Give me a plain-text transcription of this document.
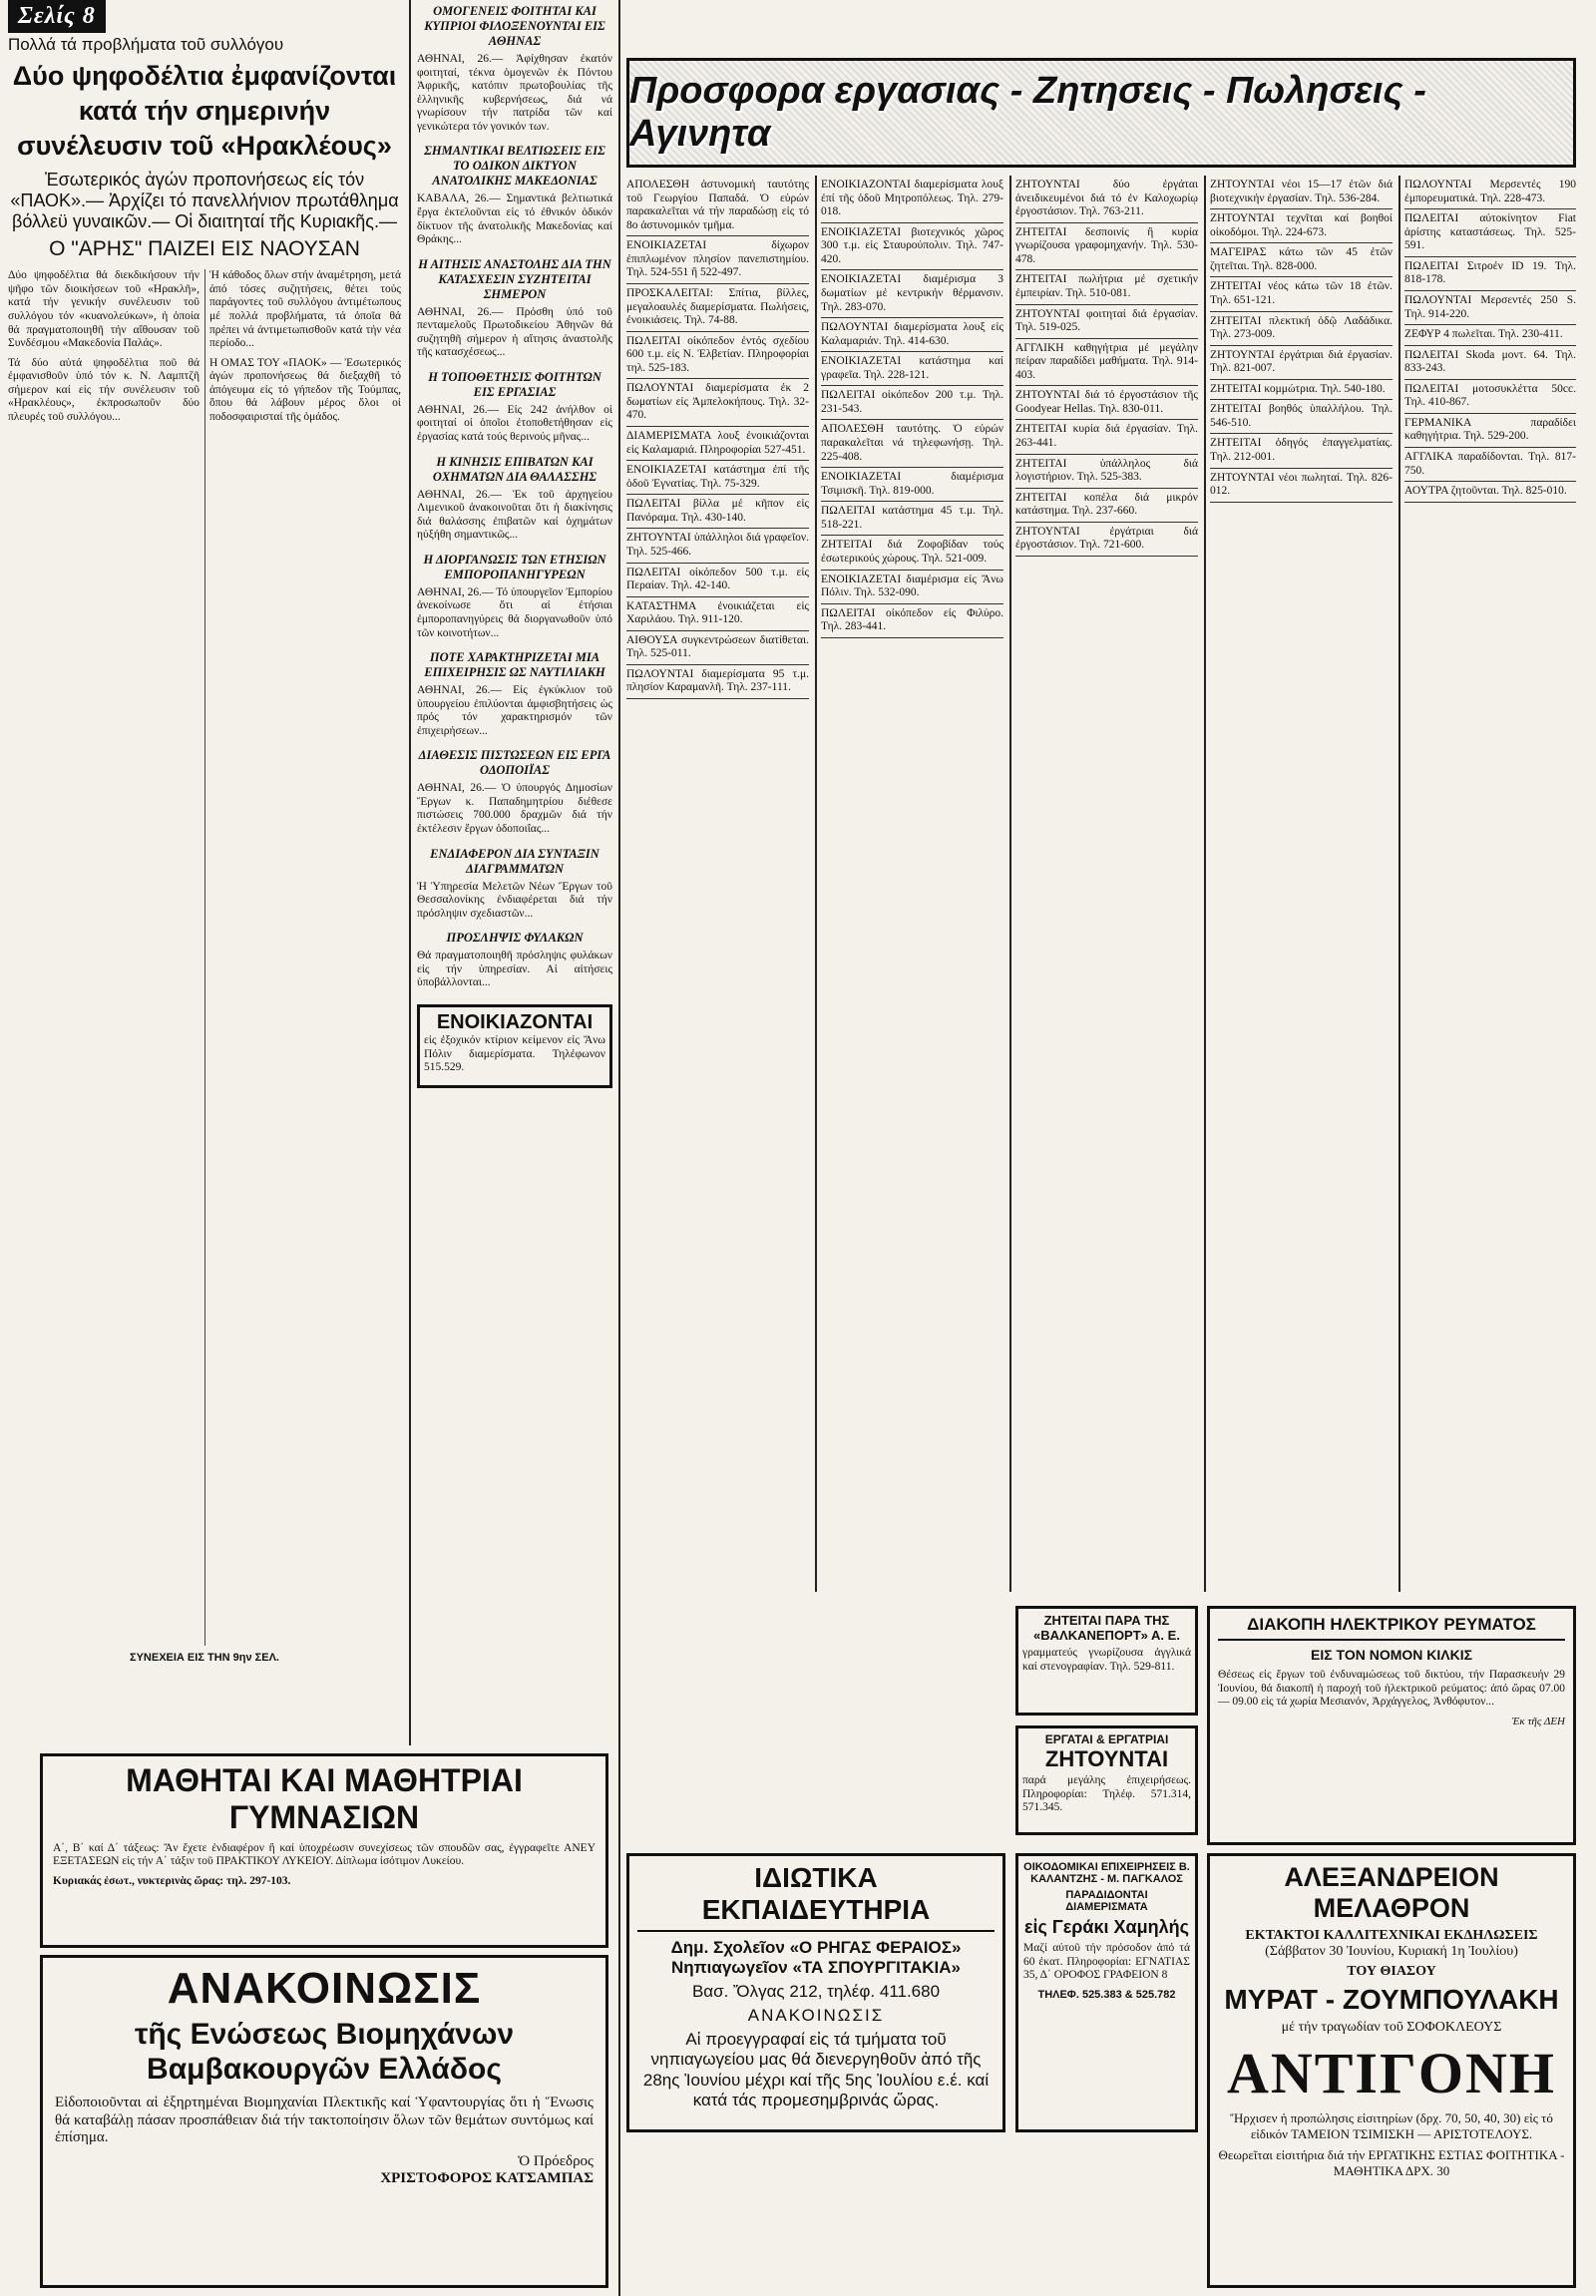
Σελίς 8
Πολλά τά προβλήματα τοῦ συλλόγου
Δύο ψηφοδέλτια ἐμφανίζονται κατά τήν σημερινήν συνέλευσιν τοῦ «Ηρακλέους»
Ἐσωτερικός ἀγών προπονήσεως είς τόν «ΠΑΟΚ».— Ἀρχίζει τό πανελλήνιον πρωτάθλημα βόλλεϋ γυναικῶν.— Οἱ διαιτηταί τῆς Κυριακῆς.—
Ο "ΑΡΗΣ" ΠΑΙΖΕΙ ΕΙΣ ΝΑΟΥΣΑΝ

Δύο ψηφοδέλτια θά διεκδικήσουν τήν ψῆφο τῶν διοικήσεων τοῦ «Ηρακλῆ», κατά τήν γενικήν συνέλευσιν τοῦ συλλόγου τόν «κυανολεύκων», ἡ ὁποία θά πραγματοποιηθῆ τήν αἴθουσαν τοῦ Συνδέσμου «Μακεδονία Παλάς».

Τά δύο αὐτά ψηφοδέλτια ποῦ θά ἐμφανισθοῦν ὑπό τόν κ. Ν. Λαμπτζῆ σήμερον καί εἰς τήν συνέλευσιν τοῦ «Ηρακλέους», ἐκπροσωποῦν δύο πλευρές τοῦ συλλόγου...

Ἡ κάθοδος ὅλων στήν ἀναμέτρηση, μετά ἀπό τόσες συζητήσεις, θέτει τούς παράγοντες τοῦ συλλόγου ἀντιμέτωπους μέ πολλά προβλήματα, τά ὁποῖα θά πρέπει νά ἀντιμετωπισθοῦν κατά τήν νέα περίοδο...

Η ΟΜΑΣ ΤΟΥ «ΠΑΟΚ» — Ἐσωτερικός ἀγών προπονήσεως θά διεξαχθῆ τό ἀπόγευμα εἰς τό γήπεδον τῆς Τούμπας, ὅπου θά λάβουν μέρος ὅλοι οἱ ποδοσφαιρισταί τῆς ὁμάδος.

ΣΥΝΕΧΕΙΑ ΕΙΣ ΤΗΝ 9ην ΣΕΛ.
ΟΜΟΓΕΝΕΙΣ ΦΟΙΤΗΤΑΙ ΚΑΙ ΚΥΠΡΙΟΙ ΦΙΛΟΞΕΝΟΥΝΤΑΙ ΕΙΣ ΑΘΗΝΑΣ

ΑΘΗΝΑΙ, 26.— Ἀφίχθησαν ἐκατόν φοιτηταί, τέκνα ὁμογενῶν ἐκ Πόντου Ἀφρικῆς, κατόπιν πρωτοβουλίας τῆς ἑλληνικῆς κυβερνήσεως, διά νά γνωρίσουν τήν πατρίδα τῶν καί γενικώτερα τόν γονικόν των.

ΣΗΜΑΝΤΙΚΑΙ ΒΕΛΤΙΩΣΕΙΣ ΕΙΣ ΤΟ ΟΔΙΚΟΝ ΔΙΚΤΥΟΝ ΑΝΑΤΟΛΙΚΗΣ ΜΑΚΕΔΟΝΙΑΣ

ΚΑΒΑΛΑ, 26.— Σημαντικά βελτιωτικά ἔργα ἐκτελοῦνται εἰς τό ἐθνικόν ὁδικόν δίκτυον τῆς ἀνατολικῆς Μακεδονίας καί Θράκης...

Η ΑΙΤΗΣΙΣ ΑΝΑΣΤΟΛΗΣ ΔΙΑ ΤΗΝ ΚΑΤΑΣΧΕΣΙΝ ΣΥΖΗΤΕΙΤΑΙ ΣΗΜΕΡΟΝ

ΑΘΗΝΑΙ, 26.— Πρόσθη ὑπό τοῦ πενταμελοῦς Πρωτοδικείου Ἀθηνῶν θά συζητηθῆ σήμερον ἡ αἴτησις ἀναστολῆς τῆς κατασχέσεως...

Η ΤΟΠΟΘΕΤΗΣΙΣ ΦΟΙΤΗΤΩΝ ΕΙΣ ΕΡΓΑΣΙΑΣ

ΑΘΗΝΑΙ, 26.— Εἰς 242 ἀνήλθον οἱ φοιτηταί οἱ ὁποῖοι ἐτοποθετήθησαν εἰς ἐργασίας κατά τούς θερινούς μῆνας...

Η ΚΙΝΗΣΙΣ ΕΠΙΒΑΤΩΝ ΚΑΙ ΟΧΗΜΑΤΩΝ ΔΙΑ ΘΑΛΑΣΣΗΣ

ΑΘΗΝΑΙ, 26.— Ἐκ τοῦ ἀρχηγείου Λιμενικοῦ ἀνακοινοῦται ὅτι ἡ διακίνησις διά θαλάσσης ἐπιβατῶν καί ὀχημάτων ηὐξήθη σημαντικῶς...

Η ΔΙΟΡΓΑΝΩΣΙΣ ΤΩΝ ΕΤΗΣΙΩΝ ΕΜΠΟΡΟΠΑΝΗΓΥΡΕΩΝ

ΑΘΗΝΑΙ, 26.— Τό ὑπουργεῖον Ἐμπορίου ἀνεκοίνωσε ὅτι αἱ ἐτήσιαι ἐμποροπανηγύρεις θά διοργανωθοῦν ὑπό τῶν κοινοτήτων...

ΠΟΤΕ ΧΑΡΑΚΤΗΡΙΖΕΤΑΙ ΜΙΑ ΕΠΙΧΕΙΡΗΣΙΣ ΩΣ ΝΑΥΤΙΛΙΑΚΗ

ΑΘΗΝΑΙ, 26.— Εἰς ἐγκύκλιον τοῦ ὑπουργείου ἐπιλύονται ἀμφισβητήσεις ὡς πρός τόν χαρακτηρισμόν τῶν ἐπιχειρήσεων...

ΔΙΑΘΕΣΙΣ ΠΙΣΤΩΣΕΩΝ ΕΙΣ ΕΡΓΑ ΟΔΟΠΟΙΪΑΣ

ΑΘΗΝΑΙ, 26.— Ὁ ὑπουργός Δημοσίων Ἔργων κ. Παπαδημητρίου διέθεσε πιστώσεις 700.000 δραχμῶν διά τήν ἐκτέλεσιν ἔργων ὁδοποιΐας...

ΕΝΔΙΑΦΕΡΟΝ ΔΙΑ ΣΥΝΤΑΞΙΝ ΔΙΑΓΡΑΜΜΑΤΩΝ

Ἡ Ὑπηρεσία Μελετῶν Νέων Ἔργων τοῦ Θεσσαλονίκης ἐνδιαφέρεται διά τήν πρόσληψιν σχεδιαστῶν...

ΠΡΟΣΛΗΨΙΣ ΦΥΛΑΚΩΝ

Θά πραγματοποιηθῆ πρόσληψις φυλάκων εἰς τήν ὑπηρεσίαν. Αἱ αἰτήσεις ὑποβάλλονται...

ΕΝΟΙΚΙΑΖΟΝΤΑΙ

εἰς ἐξοχικόν κτίριον κείμενον εἰς Ἄνω Πόλιν διαμερίσματα. Τηλέφωνον 515.529.

Προσφορα εργασιας - Ζητησεις - Πωλησεις - Αγινητα

ΑΠΟΛΕΣΘΗ ἀστυνομική ταυτότης τοῦ Γεωργίου Παπαδά. Ὁ εὑρών παρακαλεῖται νά τήν παραδώσῃ εἰς τό 8ο ἀστυνομικόν τμῆμα.

ΕΝΟΙΚΙΑΖΕΤΑΙ δίχωρον ἐπιπλωμένον πλησίον πανεπιστημίου. Τηλ. 524-551 ἢ 522-497.

ΠΡΟΣΚΑΛΕΙΤΑΙ: Σπίτια, βίλλες, μεγαλοαυλές διαμερίσματα. Πωλήσεις, ἐνοικιάσεις. Τηλ. 74-88.

ΠΩΛΕΙΤΑΙ οἰκόπεδον ἐντός σχεδίου 600 τ.μ. εἰς Ν. Ἐλβετίαν. Πληροφορίαι τηλ. 525-183.

ΠΩΛΟΥΝΤΑΙ διαμερίσματα ἐκ 2 δωματίων εἰς Ἀμπελοκήπους. Τηλ. 32-470.

ΔΙΑΜΕΡΙΣΜΑΤΑ λουξ ἐνοικιάζονται εἰς Καλαμαριά. Πληροφορίαι 527-451.

ΕΝΟΙΚΙΑΖΕΤΑΙ κατάστημα ἐπί τῆς ὁδοῦ Ἐγνατίας. Τηλ. 75-329.

ΠΩΛΕΙΤΑΙ βίλλα μέ κῆπον εἰς Πανόραμα. Τηλ. 430-140.

ΖΗΤΟΥΝΤΑΙ ὑπάλληλοι διά γραφεῖον. Τηλ. 525-466.

ΠΩΛΕΙΤΑΙ οἰκόπεδον 500 τ.μ. εἰς Περαίαν. Τηλ. 42-140.

ΚΑΤΑΣΤΗΜΑ ἐνοικιάζεται εἰς Χαριλάου. Τηλ. 911-120.

ΑΙΘΟΥΣΑ συγκεντρώσεων διατίθεται. Τηλ. 525-011.

ΠΩΛΟΥΝΤΑΙ διαμερίσματα 95 τ.μ. πλησίον Καραμανλῆ. Τηλ. 237-111.

ΕΝΟΙΚΙΑΖΟΝΤΑΙ διαμερίσματα λουξ ἐπί τῆς ὁδοῦ Μητροπόλεως. Τηλ. 279-018.

ΕΝΟΙΚΙΑΖΕΤΑΙ βιοτεχνικός χῶρος 300 τ.μ. εἰς Σταυρούπολιν. Τηλ. 747-420.

ΕΝΟΙΚΙΑΖΕΤΑΙ διαμέρισμα 3 δωματίων μέ κεντρικήν θέρμανσιν. Τηλ. 283-070.

ΠΩΛΟΥΝΤΑΙ διαμερίσματα λουξ εἰς Καλαμαριάν. Τηλ. 414-630.

ΕΝΟΙΚΙΑΖΕΤΑΙ κατάστημα καί γραφεῖα. Τηλ. 228-121.

ΠΩΛΕΙΤΑΙ οἰκόπεδον 200 τ.μ. Τηλ. 231-543.

ΑΠΟΛΕΣΘΗ ταυτότης. Ὁ εὑρών παρακαλεῖται νά τηλεφωνήσῃ. Τηλ. 225-408.

ΕΝΟΙΚΙΑΖΕΤΑΙ διαμέρισμα Τσιμισκῆ. Τηλ. 819-000.

ΠΩΛΕΙΤΑΙ κατάστημα 45 τ.μ. Τηλ. 518-221.

ΖΗΤΕΙΤΑΙ διά Ζοφοβίδαν τούς ἐσωτερικούς χώρους. Τηλ. 521-009.

ΕΝΟΙΚΙΑΖΕΤΑΙ διαμέρισμα εἰς Ἄνω Πόλιν. Τηλ. 532-090.

ΠΩΛΕΙΤΑΙ οἰκόπεδον εἰς Φιλύρο. Τηλ. 283-441.

ΖΗΤΟΥΝΤΑΙ δύο ἐργάται ἀνειδικευμένοι διά τό ἐν Καλοχωρίῳ ἐργοστάσιον. Τηλ. 763-211.

ΖΗΤΕΙΤΑΙ δεσποινίς ἢ κυρία γνωρίζουσα γραφομηχανήν. Τηλ. 530-478.

ΖΗΤΕΙΤΑΙ πωλήτρια μέ σχετικήν ἐμπειρίαν. Τηλ. 510-081.

ΖΗΤΟΥΝΤΑΙ φοιτηταί διά ἐργασίαν. Τηλ. 519-025.

ΑΓΓΛΙΚΗ καθηγήτρια μέ μεγάλην πείραν παραδίδει μαθήματα. Τηλ. 914-403.

ΖΗΤΟΥΝΤΑΙ διά τό ἐργοστάσιον τῆς Goodyear Hellas. Τηλ. 830-011.

ΖΗΤΕΙΤΑΙ κυρία διά ἐργασίαν. Τηλ. 263-441.

ΖΗΤΕΙΤΑΙ ὑπάλληλος διά λογιστήριον. Τηλ. 525-383.

ΖΗΤΕΙΤΑΙ κοπέλα διά μικρόν κατάστημα. Τηλ. 237-660.

ΖΗΤΟΥΝΤΑΙ ἐργάτριαι διά ἐργοστάσιον. Τηλ. 721-600.

ΖΗΤΟΥΝΤΑΙ νέοι 15—17 ἐτῶν διά βιοτεχνικήν ἐργασίαν. Τηλ. 536-284.

ΖΗΤΟΥΝΤΑΙ τεχνῖται καί βοηθοί οἰκοδόμοι. Τηλ. 224-673.

ΜΑΓΕΙΡΑΣ κάτω τῶν 45 ἐτῶν ζητεῖται. Τηλ. 828-000.

ΖΗΤΕΙΤΑΙ νέος κάτω τῶν 18 ἐτῶν. Τηλ. 651-121.

ΖΗΤΕΙΤΑΙ πλεκτική ὁδῷ Λαδάδικα. Τηλ. 273-009.

ΖΗΤΟΥΝΤΑΙ ἐργάτριαι διά ἐργασίαν. Τηλ. 821-007.

ΖΗΤΕΙΤΑΙ κομμώτρια. Τηλ. 540-180.

ΖΗΤΕΙΤΑΙ βοηθός ὑπαλλήλου. Τηλ. 546-510.

ΖΗΤΕΙΤΑΙ ὁδηγός ἐπαγγελματίας. Τηλ. 212-001.

ΖΗΤΟΥΝΤΑΙ νέοι πωληταί. Τηλ. 826-012.

ΠΩΛΟΥΝΤΑΙ Μερσεντές 190 ἐμπορευματικά. Τηλ. 228-473.

ΠΩΛΕΙΤΑΙ αὐτοκίνητον Fiat ἀρίστης καταστάσεως. Τηλ. 525-591.

ΠΩΛΕΙΤΑΙ Σιτροέν ID 19. Τηλ. 818-178.

ΠΩΛΟΥΝΤΑΙ Μερσεντές 250 S. Τηλ. 914-220.

ΖΕΦΥΡ 4 πωλεῖται. Τηλ. 230-411.

ΠΩΛΕΙΤΑΙ Skoda μοντ. 64. Τηλ. 833-243.

ΠΩΛΕΙΤΑΙ μοτοσυκλέττα 50cc. Τηλ. 410-867.

ΓΕΡΜΑΝΙΚΑ παραδίδει καθηγήτρια. Τηλ. 529-200.

ΑΓΓΛΙΚΑ παραδίδονται. Τηλ. 817-750.

ΑΟΥΤΡΑ ζητοῦνται. Τηλ. 825-010.

ΜΑΘΗΤΑΙ ΚΑΙ ΜΑΘΗΤΡΙΑΙ ΓΥΜΝΑΣΙΩΝ

Α΄, Β΄ καί Δ΄ τάξεως: Ἄν ἔχετε ἐνδιαφέρον ἢ καί ὑποχρέωσιν συνεχίσεως τῶν σπουδῶν σας, ἐγγραφεῖτε ΑΝΕΥ ΕΞΕΤΑΣΕΩΝ εἰς τήν Α΄ τάξιν τοῦ ΠΡΑΚΤΙΚΟΥ ΛΥΚΕΙΟΥ. Δίπλωμα ἰσότιμον Λυκείου.

Κυριακάς ἐσωτ., νυκτερινὰς ὥρας: τηλ. 297-103.

ΑΝΑΚΟΙΝΩΣΙΣ
τῆς Ενώσεως Βιομηχάνων Βαμβακουργῶν Ελλάδος

Εἰδοποιοῦνται αἱ ἐξηρτημέναι Βιομηχανίαι Πλεκτικῆς καί Ὑφαντουργίας ὅτι ἡ Ἕνωσις θά καταβάλῃ πάσαν προσπάθειαν διά τήν τακτοποίησιν ὅλων τῶν θεμάτων συντόμως καί ἐπίσημα.

Ὁ Πρόεδρος
ΧΡΙΣΤΟΦΟΡΟΣ ΚΑΤΣΑΜΠΑΣ
ΖΗΤΕΙΤΑΙ ΠΑΡΑ ΤΗΣ «ΒΑΛΚΑΝΕΠΟΡΤ» Α. Ε.

γραμματεύς γνωρίζουσα ἀγγλικά καί στενογραφίαν. Τηλ. 529-811.

ΕΡΓΑΤΑΙ & ΕΡΓΑΤΡΙΑΙ
ΖΗΤΟΥΝΤΑΙ

παρά μεγάλης ἐπιχειρήσεως. Πληροφορίαι: Τηλέφ. 571.314, 571.345.

ΔΙΑΚΟΠΗ ΗΛΕΚΤΡΙΚΟΥ ΡΕΥΜΑΤΟΣ
ΕΙΣ ΤΟΝ ΝΟΜΟΝ ΚΙΛΚΙΣ

Θέσεως εἰς ἔργων τοῦ ἐνδυναμώσεως τοῦ δικτύου, τήν Παρασκευήν 29 Ἰουνίου, θά διακοπῆ ἡ παροχή τοῦ ἠλεκτρικοῦ ρεύματος: ἀπό ὥρας 07.00 — 09.00 εἰς τά χωρία Μεσιανόν, Ἀρχάγγελος, Ἀνθόφυτον...

Ἐκ τῆς ΔΕΗ
ΙΔΙΩΤΙΚΑ ΕΚΠΑΙΔΕΥΤΗΡΙΑ
Δημ. Σχολεῖον «Ο ΡΗΓΑΣ ΦΕΡΑΙΟΣ» Νηπιαγωγεῖον «ΤΑ ΣΠΟΥΡΓΙΤΑΚΙΑ»
Βασ. Ὄλγας 212, τηλέφ. 411.680
ΑΝΑΚΟΙΝΩΣΙΣ
Αἱ προεγγραφαί εἰς τά τμήματα τοῦ νηπιαγωγείου μας θά διενεργηθοῦν ἀπό τῆς 28ης Ἰουνίου μέχρι καί τῆς 5ης Ἰουλίου ε.έ. καί κατά τάς προμεσημβρινάς ὥρας.
ΟΙΚΟΔΟΜΙΚΑΙ ΕΠΙΧΕΙΡΗΣΕΙΣ Β. ΚΑΛΑΝΤΖΗΣ - Μ. ΠΑΓΚΑΛΟΣ
ΠΑΡΑΔΙΔΟΝΤΑΙ ΔΙΑΜΕΡΙΣΜΑΤΑ
εἰς Γεράκι Χαμηλής

Μαζί αὐτοῦ τήν πρόσοδον ἀπό τά 60 ἐκατ. Πληροφορίαι: ΕΓΝΑΤΙΑΣ 35, Δ΄ ΟΡΟΦΟΣ ΓΡΑΦΕΙΟΝ 8

ΤΗΛΕΦ. 525.383 & 525.782
ΑΛΕΞΑΝΔΡΕΙΟΝ ΜΕΛΑΘΡΟΝ
ΕΚΤΑΚΤΟΙ ΚΑΛΛΙΤΕΧΝΙΚΑΙ ΕΚΔΗΛΩΣΕΙΣ
(Σάββατον 30 Ἰουνίου, Κυριακή 1η Ἰουλίου)
ΤΟΥ ΘΙΑΣΟΥ
ΜΥΡΑΤ - ΖΟΥΜΠΟΥΛΑΚΗ
μέ τήν τραγωδίαν τοῦ ΣΟΦΟΚΛΕΟΥΣ
ΑΝΤΙΓΟΝΗ
Ἤρχισεν ἡ προπώλησις εἰσιτηρίων (δρχ. 70, 50, 40, 30) εἰς τό εἰδικόν ΤΑΜΕΙΟΝ ΤΣΙΜΙΣΚΗ — ΑΡΙΣΤΟΤΕΛΟΥΣ.
Θεωρεῖται εἰσιτήρια διά τήν ΕΡΓΑΤΙΚΗΣ ΕΣΤΙΑΣ ΦΟΙΤΗΤΙΚΑ - ΜΑΘΗΤΙΚΑ ΔΡΧ. 30
